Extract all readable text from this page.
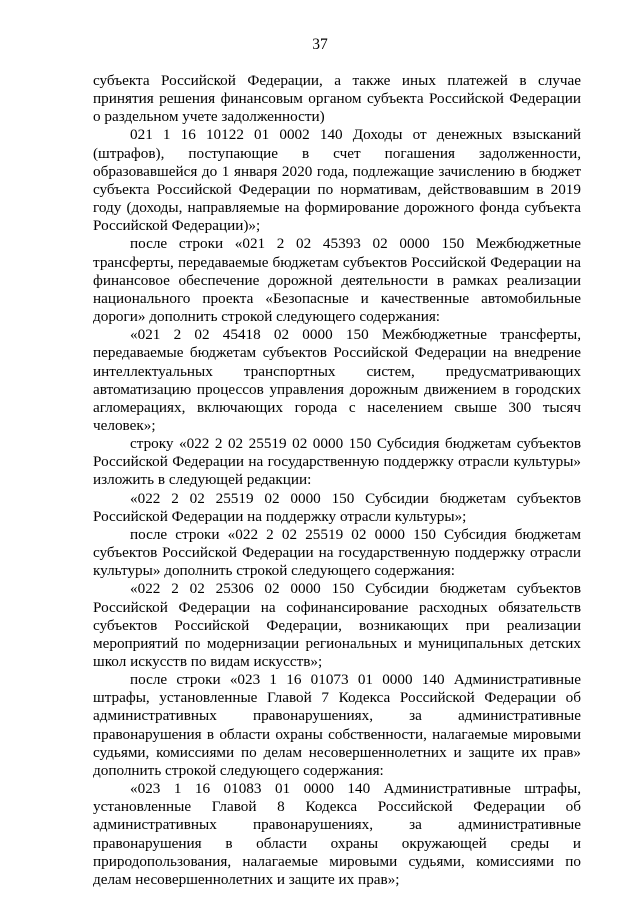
37

субъекта Российской Федерации, а также иных платежей в случае принятия решения финансовым органом субъекта Российской Федерации о раздельном учете задолженности)

021 1 16 10122 01 0002 140 Доходы от денежных взысканий (штрафов), поступающие в счет погашения задолженности, образовавшейся до 1 января 2020 года, подлежащие зачислению в бюджет субъекта Российской Федерации по нормативам, действовавшим в 2019 году (доходы, направляемые на формирование дорожного фонда субъекта Российской Федерации)»;

после строки «021 2 02 45393 02 0000 150 Межбюджетные трансферты, передаваемые бюджетам субъектов Российской Федерации на финансовое обеспечение дорожной деятельности в рамках реализации национального проекта «Безопасные и качественные автомобильные дороги» дополнить строкой следующего содержания:

«021 2 02 45418 02 0000 150 Межбюджетные трансферты, передаваемые бюджетам субъектов Российской Федерации на внедрение интеллектуальных транспортных систем, предусматривающих автоматизацию процессов управления дорожным движением в городских агломерациях, включающих города с населением свыше 300 тысяч человек»;

строку «022 2 02 25519 02 0000 150 Субсидия бюджетам субъектов Российской Федерации на государственную поддержку отрасли культуры» изложить в следующей редакции:

«022 2 02 25519 02 0000 150 Субсидии бюджетам субъектов Российской Федерации на поддержку отрасли культуры»;

после строки «022 2 02 25519 02 0000 150 Субсидия бюджетам субъектов Российской Федерации на государственную поддержку отрасли культуры» дополнить строкой следующего содержания:

«022 2 02 25306 02 0000 150 Субсидии бюджетам субъектов Российской Федерации на софинансирование расходных обязательств субъектов Российской Федерации, возникающих при реализации мероприятий по модернизации региональных и муниципальных детских школ искусств по видам искусств»;

после строки «023 1 16 01073 01 0000 140 Административные штрафы, установленные Главой 7 Кодекса Российской Федерации об административных правонарушениях, за административные правонарушения в области охраны собственности, налагаемые мировыми судьями, комиссиями по делам несовершеннолетних и защите их прав» дополнить строкой следующего содержания:

«023 1 16 01083 01 0000 140 Административные штрафы, установленные Главой 8 Кодекса Российской Федерации об административных правонарушениях, за административные правонарушения в области охраны окружающей среды и природопользования, налагаемые мировыми судьями, комиссиями по делам несовершеннолетних и защите их прав»;
